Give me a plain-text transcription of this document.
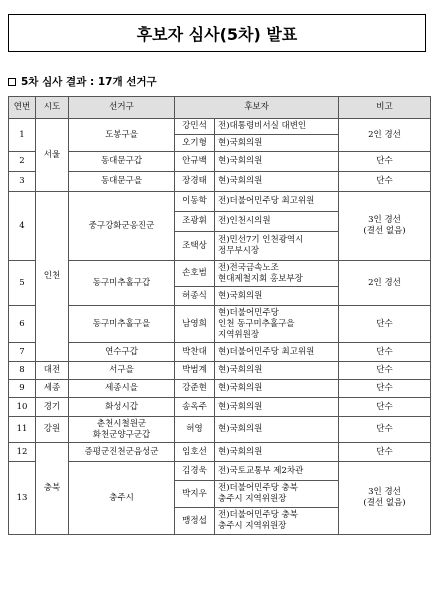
후보자 심사(5차) 발표
5차 심사 결과 : 17개 선거구
연번	시도	선거구	후보자		비고
1	서울	도봉구을	강민석	전)대통령비서실 대변인	2인 경선
			오기형	현)국회의원	
2		동대문구갑	안규백	현)국회의원	단수
3		동대문구을	장경태	현)국회의원	단수
4	인천	중구강화군옹진군	이동학	전)더불어민주당 최고위원	3인 경선
(결선 없음)
			조광휘	전)인천시의원	
			조택상	전)민선7기 인천광역시
정무부시장	
5		동구미추홀구갑	손호범	전)전국금속노조
현대제철지회 홍보부장	2인 경선
			허종식	현)국회의원	
6		동구미추홀구을	남영희	현)더불어민주당
인천 동구미추홀구을
지역위원장	단수
7		연수구갑	박찬대	현)더불어민주당 최고위원	단수
8	대전	서구을	박범계	현)국회의원	단수
9	세종	세종시을	강준현	현)국회의원	단수
10	경기	화성시갑	송옥주	현)국회의원	단수
11	강원	춘천시철원군
화천군양구군갑	허영	현)국회의원	단수
12	충북	증평군진천군음성군	임호선	현)국회의원	단수
13		충주시	김경욱	전)국토교통부 제2차관	3인 경선
(결선 없음)
			박지우	전)더불어민주당 충북
충주시 지역위원장	
			맹정섭	전)더불어민주당 충북
충주시 지역위원장	
